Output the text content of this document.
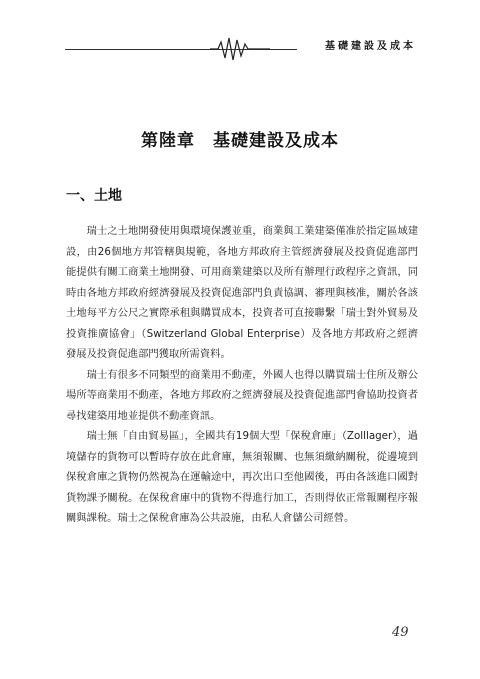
基礎建設及成本
第陸章　基礎建設及成本
一、土地

瑞士之土地開發使用與環境保護並重，商業與工業建築僅准於指定區域建設，由26個地方邦管轄與規範，各地方邦政府主管經濟發展及投資促進部門能提供有關工商業土地開發、可用商業建築以及所有辦理行政程序之資訊，同時由各地方邦政府經濟發展及投資促進部門負責協調、審理與核准，關於各該土地每平方公尺之實際承租與購買成本，投資者可直接聯繫「瑞士對外貿易及投資推廣協會」（Switzerland Global Enterprise）及各地方邦政府之經濟發展及投資促進部門獲取所需資料。

瑞士有很多不同類型的商業用不動產，外國人也得以購買瑞士住所及辦公場所等商業用不動產，各地方邦政府之經濟發展及投資促進部門會協助投資者尋找建築用地並提供不動產資訊。

瑞士無「自由貿易區」，全國共有19個大型「保稅倉庫」（Zolllager），過境儲存的貨物可以暫時存放在此倉庫，無須報關、也無須繳納關稅，從邊境到保稅倉庫之貨物仍然視為在運輸途中，再次出口至他國後，再由各該進口國對貨物課予關稅。在保稅倉庫中的貨物不得進行加工，否則得依正常報關程序報關與課稅。瑞士之保稅倉庫為公共設施，由私人倉儲公司經營。

49
